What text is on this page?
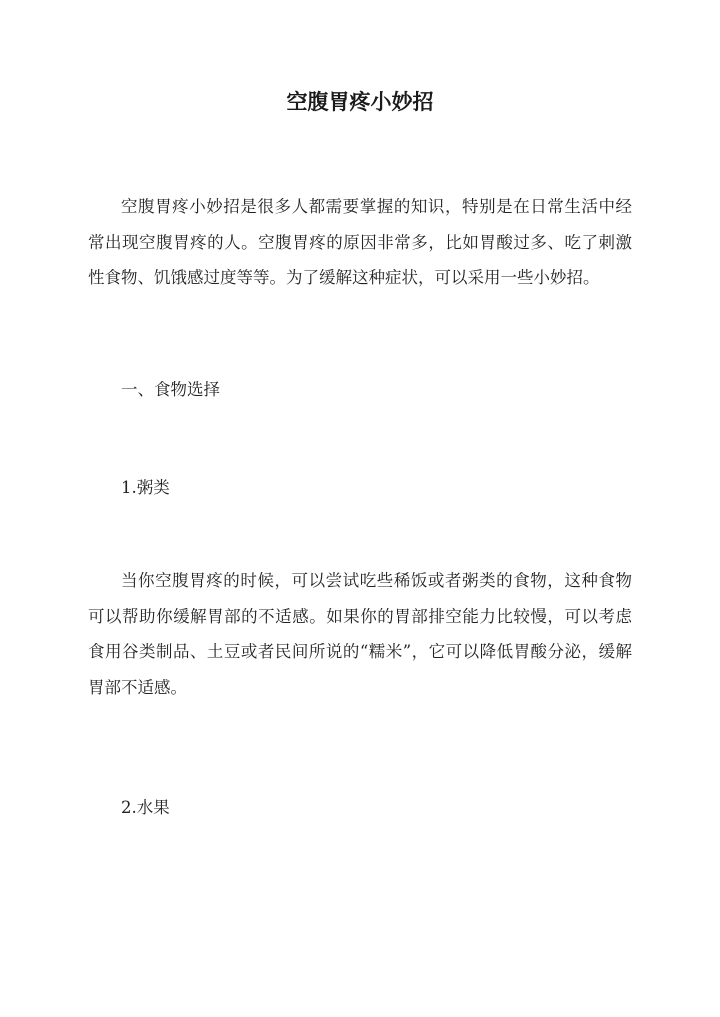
空腹胃疼小妙招

空腹胃疼小妙招是很多人都需要掌握的知识，特别是在日常生活中经常出现空腹胃疼的人。空腹胃疼的原因非常多，比如胃酸过多、吃了刺激性食物、饥饿感过度等等。为了缓解这种症状，可以采用一些小妙招。

一、食物选择
1.粥类

当你空腹胃疼的时候，可以尝试吃些稀饭或者粥类的食物，这种食物可以帮助你缓解胃部的不适感。如果你的胃部排空能力比较慢，可以考虑食用谷类制品、土豆或者民间所说的“糯米”，它可以降低胃酸分泌，缓解胃部不适感。

2.水果
